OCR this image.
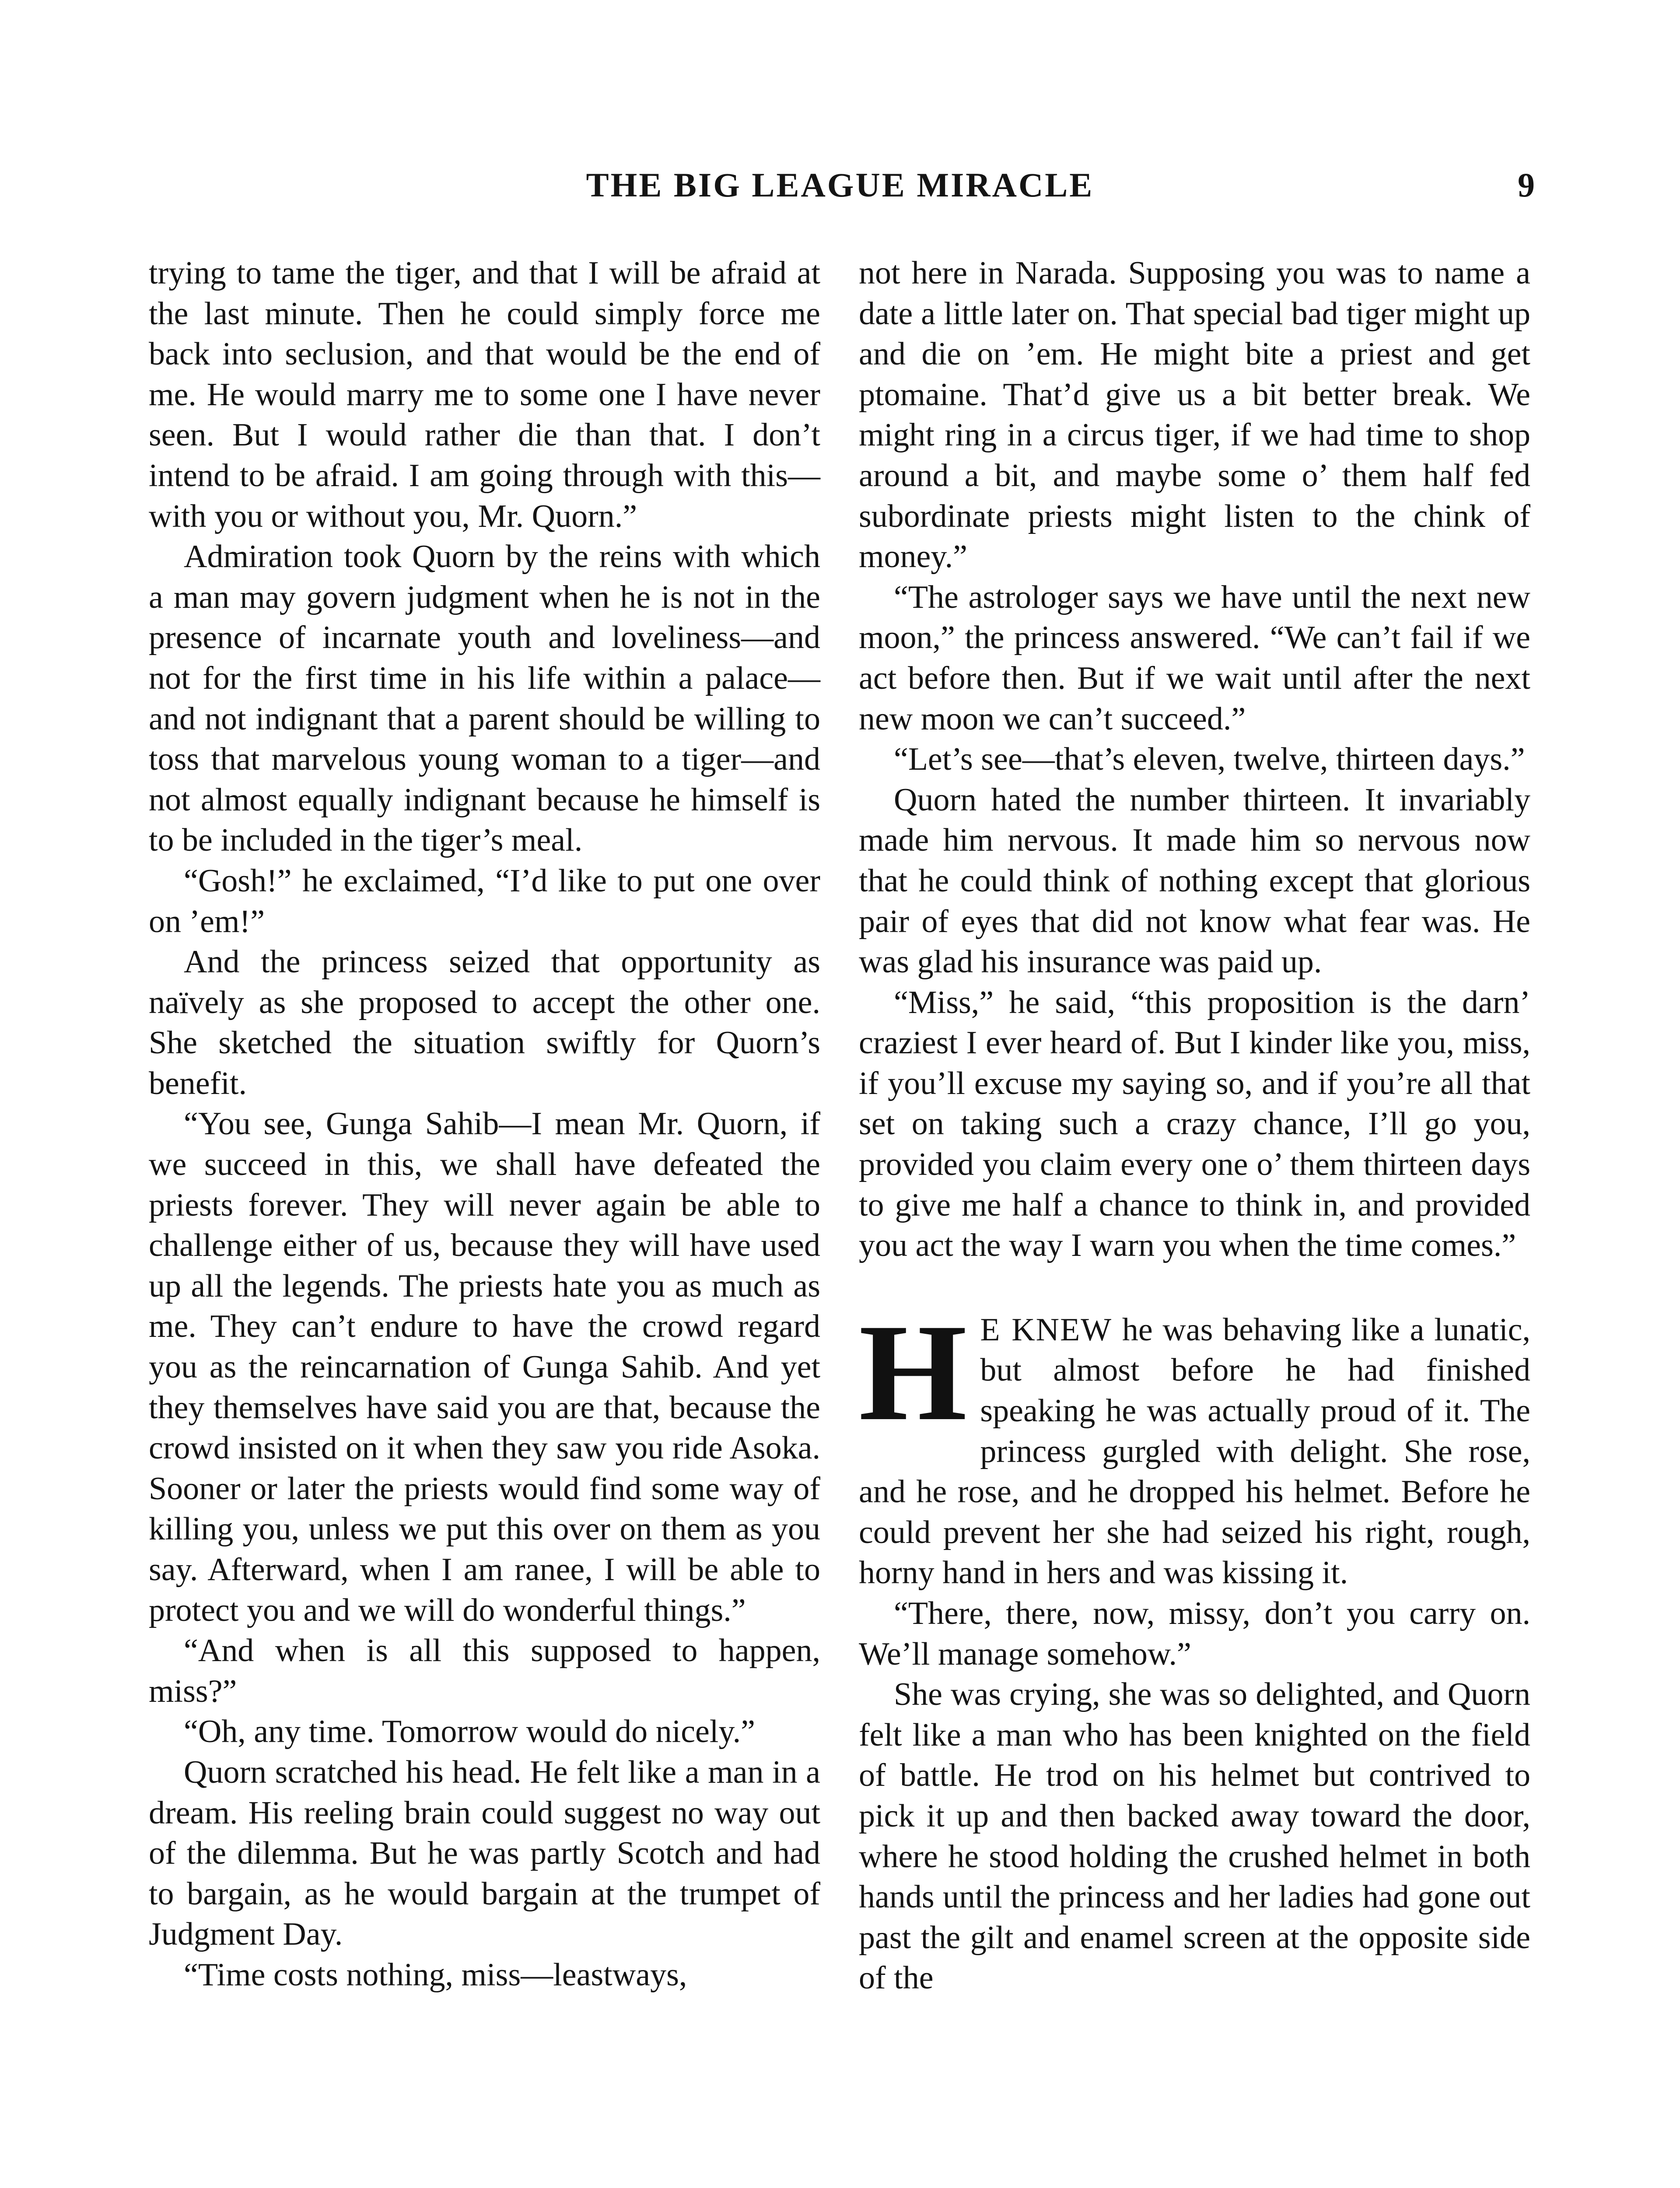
THE BIG LEAGUE MIRACLE	9

trying to tame the tiger, and that I will be afraid at the last minute. Then he could simply force me back into seclusion, and that would be the end of me. He would marry me to some one I have never seen. But I would rather die than that. I don’t intend to be afraid. I am going through with this—with you or without you, Mr. Quorn.”

Admiration took Quorn by the reins with which a man may govern judgment when he is not in the presence of incarnate youth and loveliness—and not for the first time in his life within a palace—and not indignant that a parent should be willing to toss that marvelous young woman to a tiger—and not almost equally indignant because he himself is to be included in the tiger’s meal.

“Gosh!” he exclaimed, “I’d like to put one over on ’em!”

And the princess seized that opportunity as naïvely as she proposed to accept the other one. She sketched the situation swiftly for Quorn’s benefit.

“You see, Gunga Sahib—I mean Mr. Quorn, if we succeed in this, we shall have defeated the priests forever. They will never again be able to challenge either of us, because they will have used up all the legends. The priests hate you as much as me. They can’t endure to have the crowd regard you as the reincarnation of Gunga Sahib. And yet they themselves have said you are that, because the crowd insisted on it when they saw you ride Asoka. Sooner or later the priests would find some way of killing you, unless we put this over on them as you say. Afterward, when I am ranee, I will be able to protect you and we will do wonderful things.”

“And when is all this supposed to happen, miss?”

“Oh, any time. Tomorrow would do nicely.”

Quorn scratched his head. He felt like a man in a dream. His reeling brain could suggest no way out of the dilemma. But he was partly Scotch and had to bargain, as he would bargain at the trumpet of Judgment Day.

“Time costs nothing, miss—leastways,

not here in Narada. Supposing you was to name a date a little later on. That special bad tiger might up and die on ’em. He might bite a priest and get ptomaine. That’d give us a bit better break. We might ring in a circus tiger, if we had time to shop around a bit, and maybe some o’ them half fed subordinate priests might listen to the chink of money.”

“The astrologer says we have until the next new moon,” the princess answered. “We can’t fail if we act before then. But if we wait until after the next new moon we can’t succeed.”

“Let’s see—that’s eleven, twelve, thirteen days.”

Quorn hated the number thirteen. It invariably made him nervous. It made him so nervous now that he could think of nothing except that glorious pair of eyes that did not know what fear was. He was glad his insurance was paid up.

“Miss,” he said, “this proposition is the darn’ craziest I ever heard of. But I kinder like you, miss, if you’ll excuse my saying so, and if you’re all that set on taking such a crazy chance, I’ll go you, provided you claim every one o’ them thirteen days to give me half a chance to think in, and provided you act the way I warn you when the time comes.”

H E KNEW he was behaving like a lunatic, but almost before he had finished speaking he was actually proud of it. The princess gurgled with delight. She rose, and he rose, and he dropped his helmet. Before he could prevent her she had seized his right, rough, horny hand in hers and was kissing it.

“There, there, now, missy, don’t you carry on. We’ll manage somehow.”

She was crying, she was so delighted, and Quorn felt like a man who has been knighted on the field of battle. He trod on his helmet but contrived to pick it up and then backed away toward the door, where he stood holding the crushed helmet in both hands until the princess and her ladies had gone out past the gilt and enamel screen at the opposite side of the
